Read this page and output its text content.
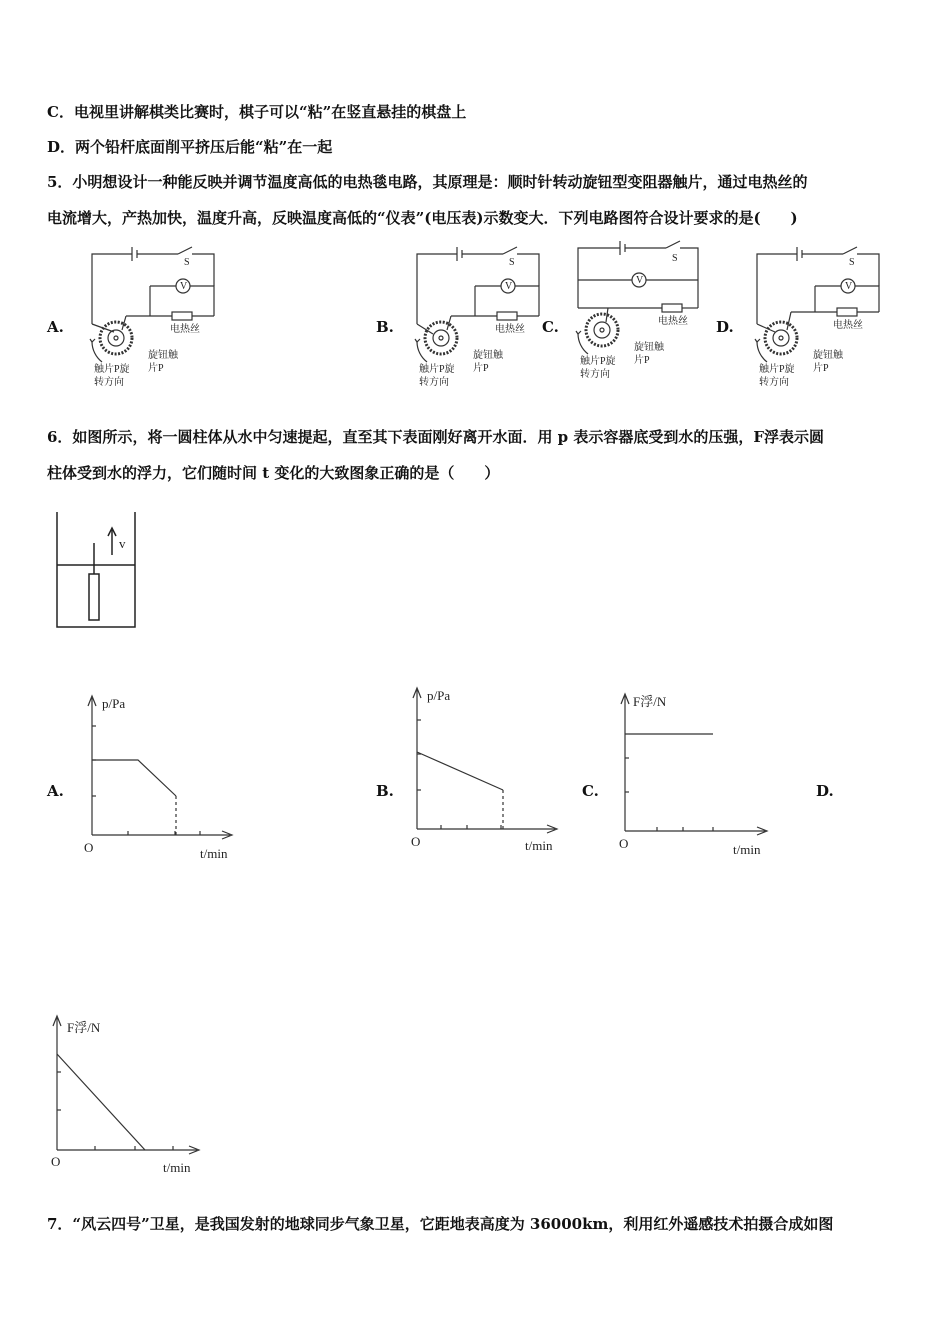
C．电视里讲解棋类比赛时，棋子可以“粘”在竖直悬挂的棋盘上
D．两个铅杆底面削平挤压后能“粘”在一起
5．小明想设计一种能反映并调节温度高低的电热毯电路，其原理是：顺时针转动旋钮型变阻器触片，通过电热丝的
电流增大，产热加快，温度升高，反映温度高低的“仪表”(电压表)示数变大．下列电路图符合设计要求的是(　　)
A.	B.	C.	D.
S
V
电热丝
旋钮触
片P
触片P旋
转方向
S
V
电热丝
旋钮触
片P
触片P旋
转方向
S
V
电热丝
旋钮触
片P
触片P旋
转方向
S
V
电热丝
旋钮触
片P
触片P旋
转方向
6．如图所示，将一圆柱体从水中匀速提起，直至其下表面刚好离开水面．用 p 表示容器底受到水的压强，F浮表示圆
柱体受到水的浮力，它们随时间 t 变化的大致图象正确的是（　　）
v
A.	B.	C.	D.
p/Pa
O	t/min
p/Pa
O	t/min
F浮/N
O	t/min
F浮/N
O	t/min
7．“风云四号”卫星，是我国发射的地球同步气象卫星，它距地表高度为 36000km，利用红外遥感技术拍摄合成如图
